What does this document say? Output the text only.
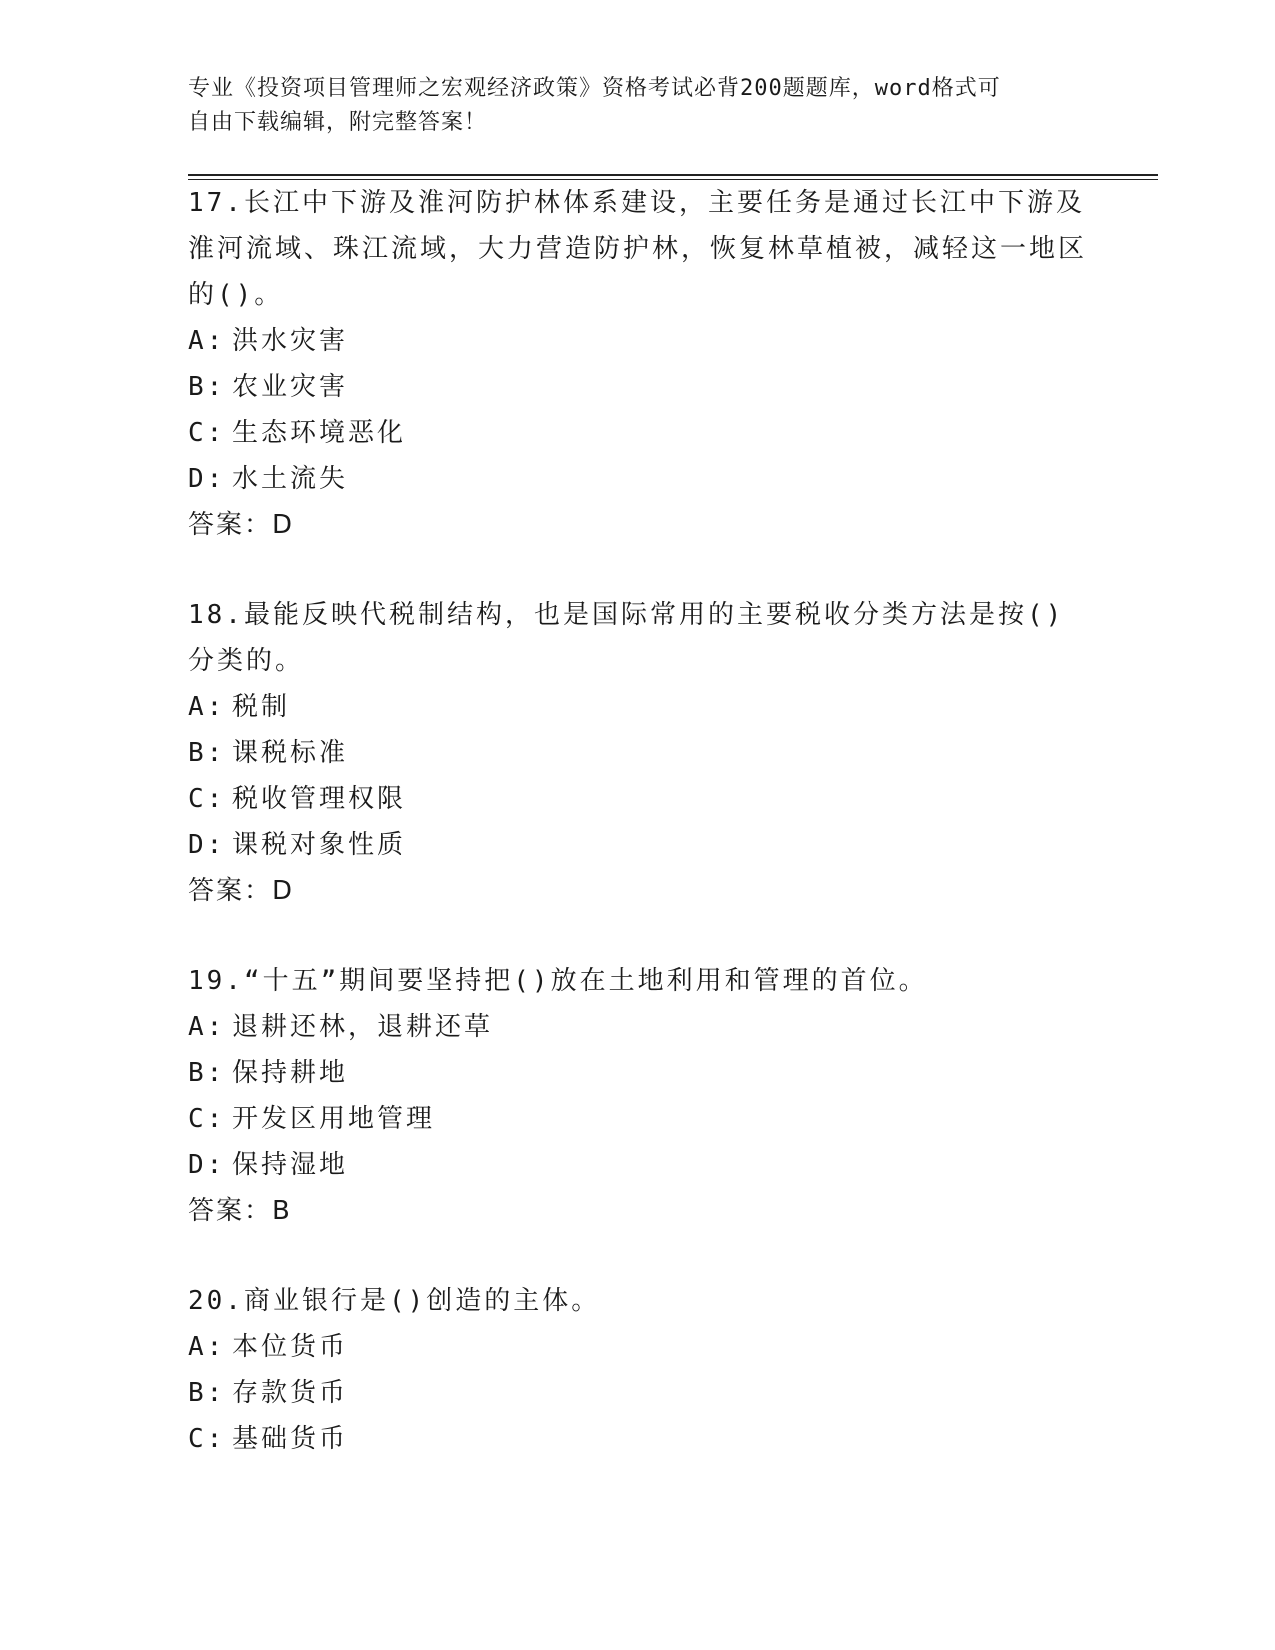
专业《投资项目管理师之宏观经济政策》资格考试必背200题题库，word格式可
自由下载编辑，附完整答案！

17.长江中下游及淮河防护林体系建设，主要任务是通过长江中下游及淮河流域、珠江流域，大力营造防护林，恢复林草植被，减轻这一地区的()。

A: 洪水灾害

B: 农业灾害

C: 生态环境恶化

D: 水土流失

答案：D

18.最能反映代税制结构，也是国际常用的主要税收分类方法是按()分类的。

A: 税制

B: 课税标准

C: 税收管理权限

D: 课税对象性质

答案：D

19.“十五”期间要坚持把()放在土地利用和管理的首位。

A: 退耕还林，退耕还草

B: 保持耕地

C: 开发区用地管理

D: 保持湿地

答案：B

20.商业银行是()创造的主体。

A: 本位货币

B: 存款货币

C: 基础货币
